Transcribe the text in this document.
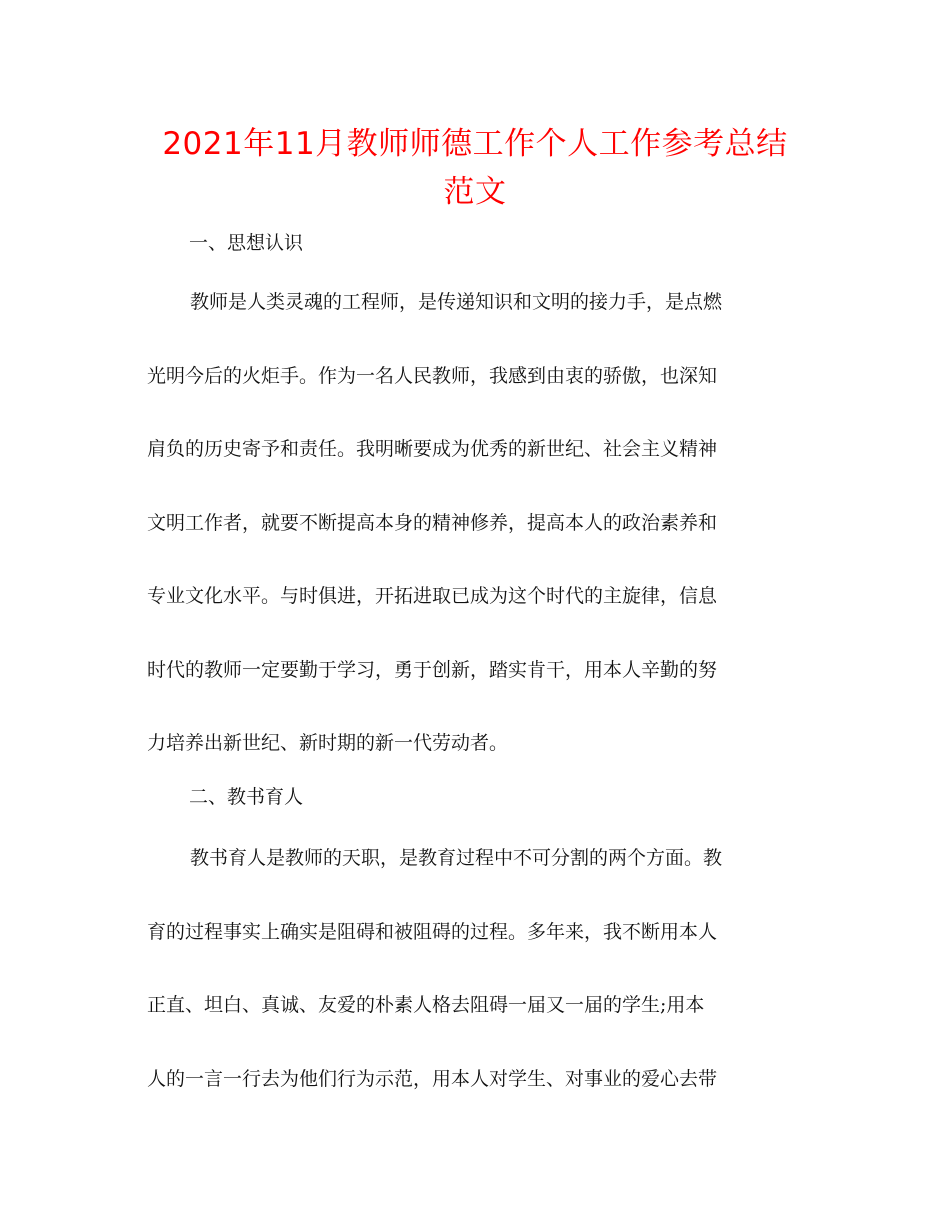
2021年11月教师师德工作个人工作参考总结
范文
一、思想认识
教师是人类灵魂的工程师，是传递知识和文明的接力手，是点燃
光明今后的火炬手。作为一名人民教师，我感到由衷的骄傲，也深知
肩负的历史寄予和责任。我明晰要成为优秀的新世纪、社会主义精神
文明工作者，就要不断提高本身的精神修养，提高本人的政治素养和
专业文化水平。与时俱进，开拓进取已成为这个时代的主旋律，信息
时代的教师一定要勤于学习，勇于创新，踏实肯干，用本人辛勤的努
力培养出新世纪、新时期的新一代劳动者。
二、教书育人
教书育人是教师的天职，是教育过程中不可分割的两个方面。教
育的过程事实上确实是阻碍和被阻碍的过程。多年来，我不断用本人
正直、坦白、真诚、友爱的朴素人格去阻碍一届又一届的学生;用本
人的一言一行去为他们行为示范，用本人对学生、对事业的爱心去带
